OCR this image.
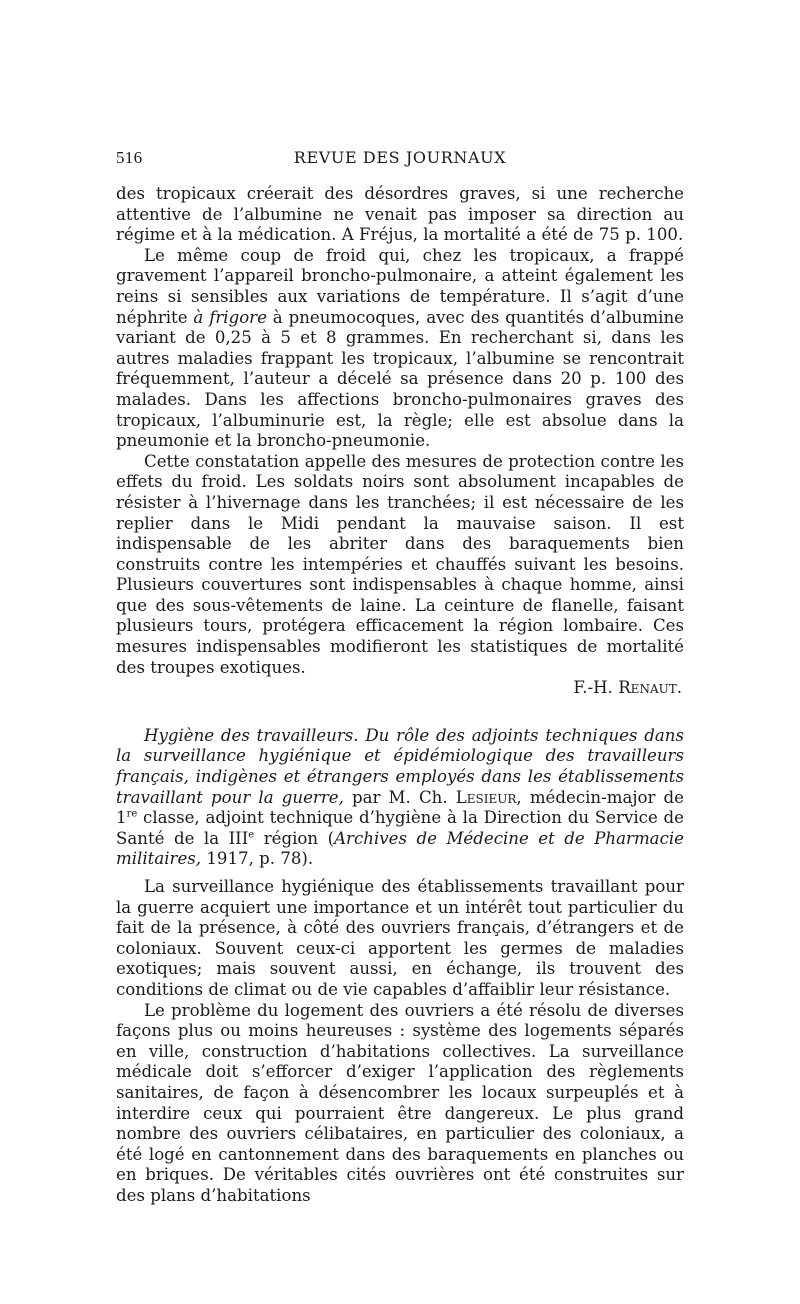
516	REVUE DES JOURNAUX

des tropicaux créerait des désordres graves, si une recherche attentive de l’albumine ne venait pas imposer sa direction au régime et à la médication. A Fréjus, la mortalité a été de 75 p. 100.

Le même coup de froid qui, chez les tropicaux, a frappé gravement l’appareil broncho-pulmonaire, a atteint également les reins si sensibles aux variations de température. Il s’agit d’une néphrite à frigore à pneumocoques, avec des quantités d’albumine variant de 0,25 à 5 et 8 grammes. En recherchant si, dans les autres maladies frappant les tropicaux, l’albumine se rencontrait fréquemment, l’auteur a décelé sa présence dans 20 p. 100 des malades. Dans les affections broncho-pulmonaires graves des tropicaux, l’albuminurie est, la règle; elle est absolue dans la pneumonie et la broncho-pneumonie.

Cette constatation appelle des mesures de protection contre les effets du froid. Les soldats noirs sont absolument incapables de résister à l’hivernage dans les tranchées; il est nécessaire de les replier dans le Midi pendant la mauvaise saison. Il est indispensable de les abriter dans des baraquements bien construits contre les intempéries et chauffés suivant les besoins. Plusieurs couvertures sont indispensables à chaque homme, ainsi que des sous-vêtements de laine. La ceinture de flanelle, faisant plusieurs tours, protégera efficacement la région lombaire. Ces mesures indispensables modifieront les statistiques de mortalité des troupes exotiques.

F.-H. Renaut.

Hygiène des travailleurs. Du rôle des adjoints techniques dans la surveillance hygiénique et épidémiologique des travailleurs français, indigènes et étrangers employés dans les établissements travaillant pour la guerre, par M. Ch. Lesieur, médecin-major de 1re classe, adjoint technique d’hygiène à la Direction du Service de Santé de la IIIe région (Archives de Médecine et de Pharmacie militaires, 1917, p. 78).

La surveillance hygiénique des établissements travaillant pour la guerre acquiert une importance et un intérêt tout particulier du fait de la présence, à côté des ouvriers français, d’étrangers et de coloniaux. Souvent ceux-ci apportent les germes de maladies exotiques; mais souvent aussi, en échange, ils trouvent des conditions de climat ou de vie capables d’affaiblir leur résistance.

Le problème du logement des ouvriers a été résolu de diverses façons plus ou moins heureuses : système des logements séparés en ville, construction d’habitations collectives. La surveillance médicale doit s’efforcer d’exiger l’application des règlements sanitaires, de façon à désencombrer les locaux surpeuplés et à interdire ceux qui pourraient être dangereux. Le plus grand nombre des ouvriers célibataires, en particulier des coloniaux, a été logé en cantonnement dans des baraquements en planches ou en briques. De véritables cités ouvrières ont été construites sur des plans d’habitations
